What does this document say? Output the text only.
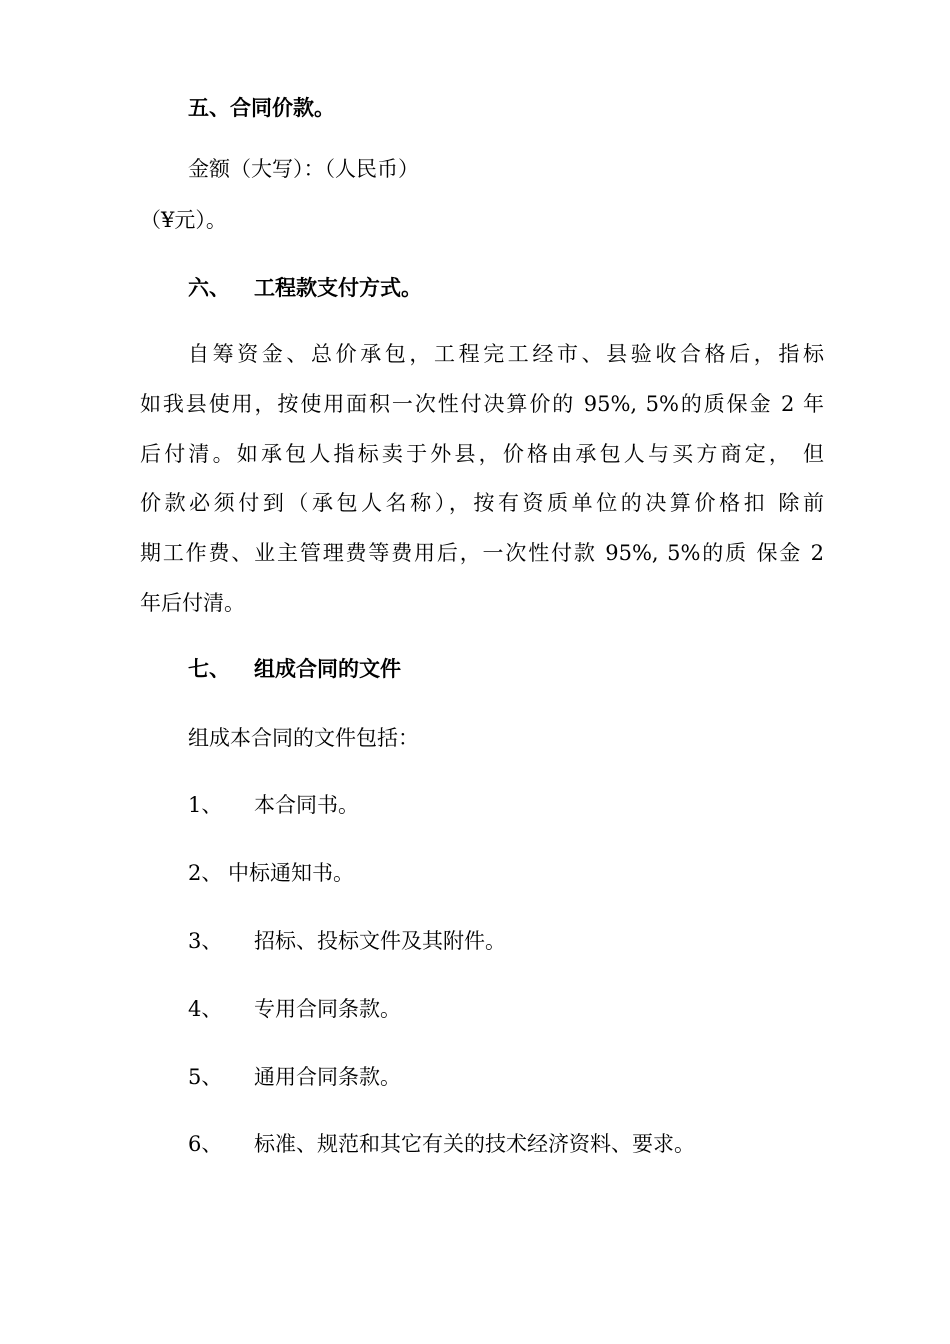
五、合同价款。
金额（大写）：（人民币）
（¥元）。
六、 工程款支付方式。
自筹资金、总价承包，工程完工经市、县验收合格后，指标
如我县使用，按使用面积一次性付决算价的 95%, 5%的质保金 2 年
后付清。如承包人指标卖于外县，价格由承包人与买方商定， 但
价款必须付到（承包人名称），按有资质单位的决算价格扣 除前
期工作费、业主管理费等费用后，一次性付款 95%, 5%的质 保金 2
年后付清。
七、 组成合同的文件
组成本合同的文件包括：
1、 本合同书。
2、 中标通知书。
3、 招标、投标文件及其附件。
4、 专用合同条款。
5、 通用合同条款。
6、 标准、规范和其它有关的技术经济资料、要求。
